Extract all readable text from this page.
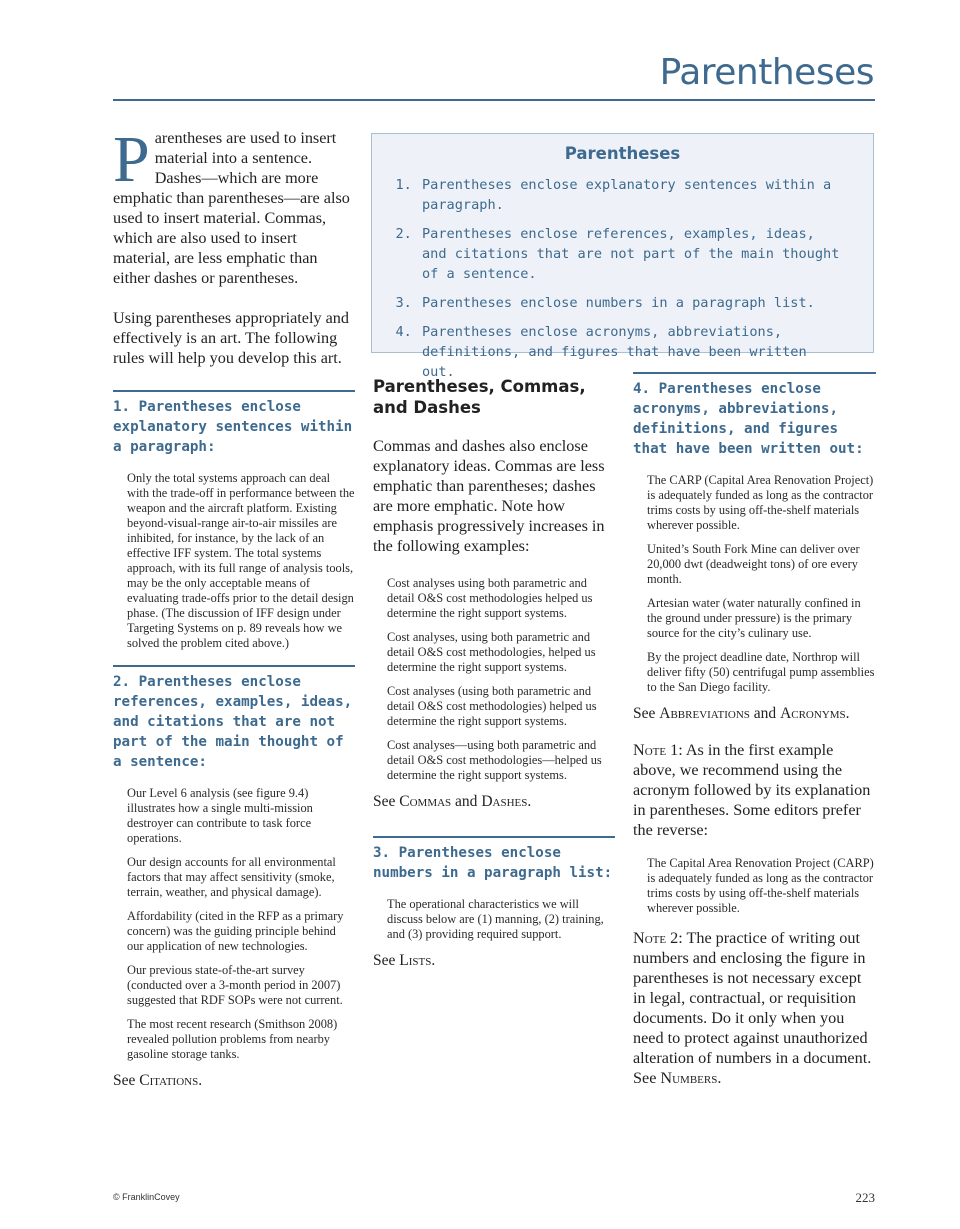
Parentheses
Parentheses
1. Parentheses enclose explanatory sentences within a paragraph.
2. Parentheses enclose references, examples, ideas, and citations that are not part of the main thought of a sentence.
3. Parentheses enclose numbers in a paragraph list.
4. Parentheses enclose acronyms, abbreviations, definitions, and figures that have been written out.

Parentheses are used to insert material into a sentence. Dashes—which are more emphatic than parentheses—are also used to insert material. Commas, which are also used to insert material, are less emphatic than either dashes or parentheses.

Using parentheses appropriately and effectively is an art. The following rules will help you develop this art.

1. Parentheses enclose explanatory sentences within a paragraph:

Only the total systems approach can deal with the trade-off in performance between the weapon and the aircraft platform. Existing beyond-visual-range air-to-air missiles are inhibited, for instance, by the lack of an effective IFF system. The total systems approach, with its full range of analysis tools, may be the only acceptable means of evaluating trade-offs prior to the detail design phase. (The discussion of IFF design under Targeting Systems on p. 89 reveals how we solved the problem cited above.)

2. Parentheses enclose references, examples, ideas, and citations that are not part of the main thought of a sentence:

Our Level 6 analysis (see figure 9.4) illustrates how a single multi-mission destroyer can contribute to task force operations.

Our design accounts for all environmental factors that may affect sensitivity (smoke, terrain, weather, and physical damage).

Affordability (cited in the RFP as a primary concern) was the guiding principle behind our application of new technologies.

Our previous state-of-the-art survey (conducted over a 3-month period in 2007) suggested that RDF SOPs were not current.

The most recent research (Smithson 2008) revealed pollution problems from nearby gasoline storage tanks.

See Citations.

Parentheses, Commas, and Dashes

Commas and dashes also enclose explanatory ideas. Commas are less emphatic than parentheses; dashes are more emphatic. Note how emphasis progressively increases in the following examples:

Cost analyses using both parametric and detail O&S cost methodologies helped us determine the right support systems.

Cost analyses, using both parametric and detail O&S cost methodologies, helped us determine the right support systems.

Cost analyses (using both parametric and detail O&S cost methodologies) helped us determine the right support systems.

Cost analyses—using both parametric and detail O&S cost methodologies—helped us determine the right support systems.

See Commas and Dashes.

3. Parentheses enclose numbers in a paragraph list:

The operational characteristics we will discuss below are (1) manning, (2) training, and (3) providing required support.

See Lists.

4. Parentheses enclose acronyms, abbreviations, definitions, and figures that have been written out:

The CARP (Capital Area Renovation Project) is adequately funded as long as the contractor trims costs by using off-the-shelf materials wherever possible.

United’s South Fork Mine can deliver over 20,000 dwt (deadweight tons) of ore every month.

Artesian water (water naturally confined in the ground under pressure) is the primary source for the city’s culinary use.

By the project deadline date, Northrop will deliver fifty (50) centrifugal pump assemblies to the San Diego facility.

See Abbreviations and Acronyms.

Note 1: As in the first example above, we recommend using the acronym followed by its explanation in parentheses. Some editors prefer the reverse:

The Capital Area Renovation Project (CARP) is adequately funded as long as the contractor trims costs by using off-the-shelf materials wherever possible.

Note 2: The practice of writing out numbers and enclosing the figure in parentheses is not necessary except in legal, contractual, or requisition documents. Do it only when you need to protect against unauthorized alteration of numbers in a document. See Numbers.

© FranklinCovey	223
